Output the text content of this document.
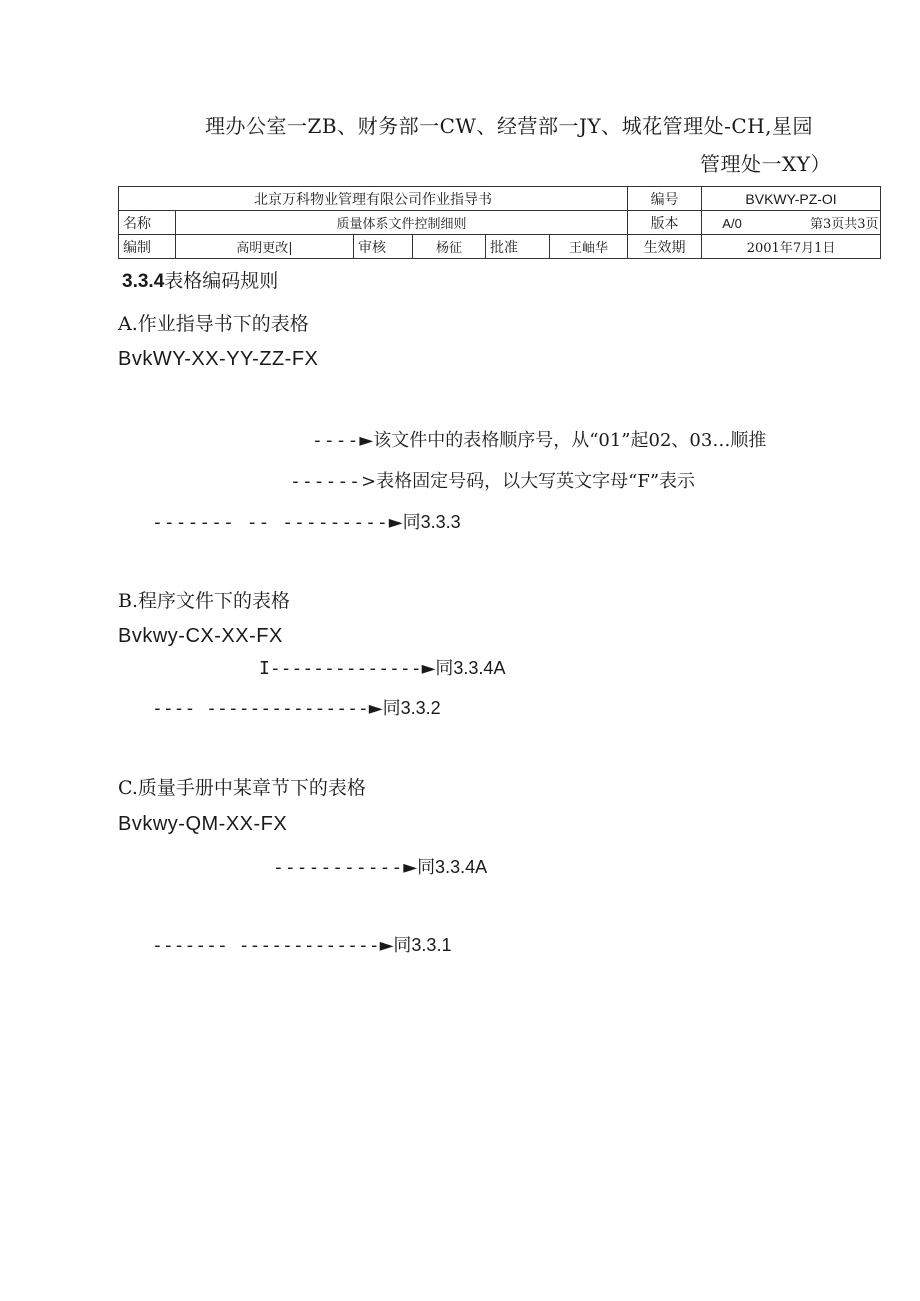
理办公室一ZB、财务部一CW、经营部一JY、城花管理处-CH,星园
管理处一XY）
北京万科物业管理有限公司作业指导书						编号	BVKWY-PZ-OI
名称	质量体系文件控制细则					版本	A/0 第3页共3页
编制	高明更改|	审核	杨征	批准	王岫华	生效期	2001年7月1日
3.3.4表格编码规则
A.作业指导书下的表格
BvkWY-XX-YY-ZZ-FX
----►该文件中的表格顺序号，从“01”起02、03…顺推
------>表格固定号码，以大写英文字母“F”表示
------- -- ---------►同3.3.3
B.程序文件下的表格
Bvkwy-CX-XX-FX
I--------------►同3.3.4A
---- ---------------►同3.3.2
C.质量手册中某章节下的表格
Bvkwy-QM-XX-FX
-----------►同3.3.4A
------- -------------►同3.3.1
